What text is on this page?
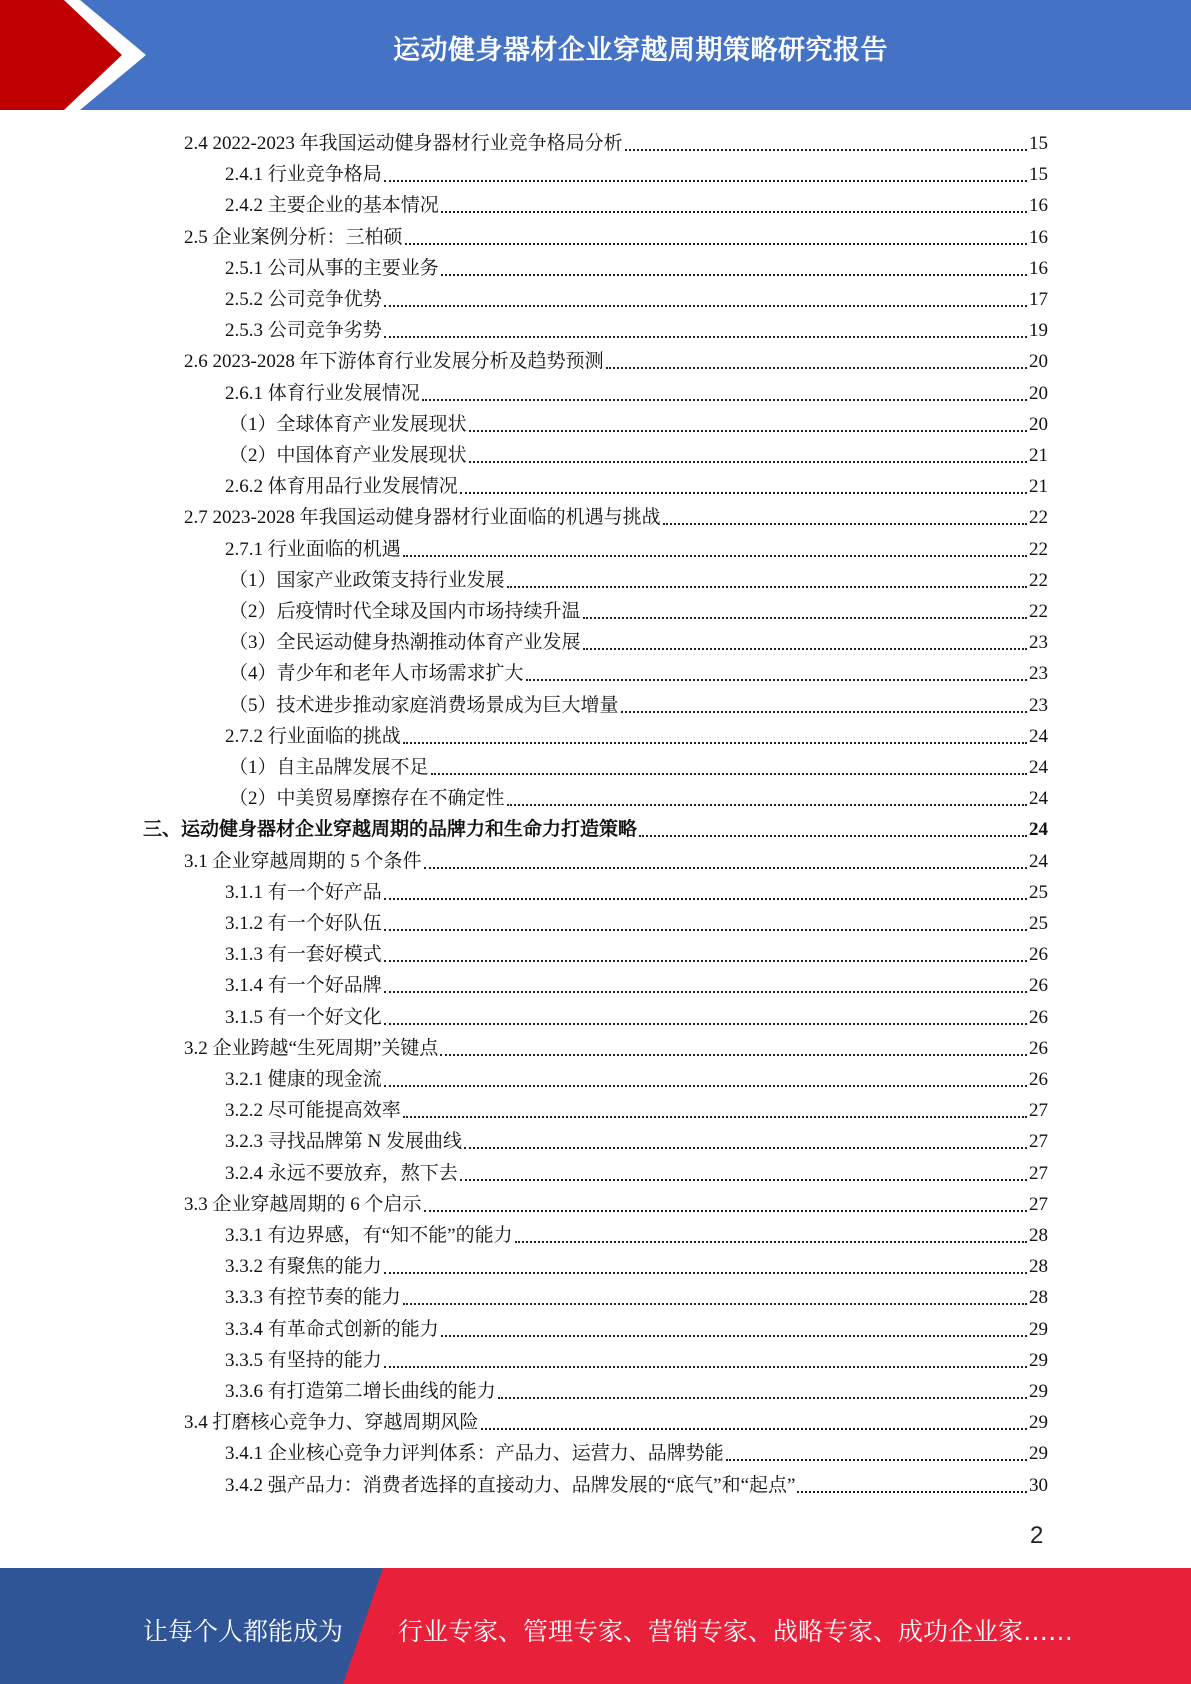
运动健身器材企业穿越周期策略研究报告
2.4 2022-2023 年我国运动健身器材行业竞争格局分析	15
2.4.1 行业竞争格局	15
2.4.2 主要企业的基本情况	16
2.5 企业案例分析：三柏硕	16
2.5.1 公司从事的主要业务	16
2.5.2 公司竞争优势	17
2.5.3 公司竞争劣势	19
2.6 2023-2028 年下游体育行业发展分析及趋势预测	20
2.6.1 体育行业发展情况	20
（1）全球体育产业发展现状	20
（2）中国体育产业发展现状	21
2.6.2 体育用品行业发展情况	21
2.7 2023-2028 年我国运动健身器材行业面临的机遇与挑战	22
2.7.1 行业面临的机遇	22
（1）国家产业政策支持行业发展	22
（2）后疫情时代全球及国内市场持续升温	22
（3）全民运动健身热潮推动体育产业发展	23
（4）青少年和老年人市场需求扩大	23
（5）技术进步推动家庭消费场景成为巨大增量	23
2.7.2 行业面临的挑战	24
（1）自主品牌发展不足	24
（2）中美贸易摩擦存在不确定性	24
三、运动健身器材企业穿越周期的品牌力和生命力打造策略	24
3.1 企业穿越周期的 5 个条件	24
3.1.1 有一个好产品	25
3.1.2 有一个好队伍	25
3.1.3 有一套好模式	26
3.1.4 有一个好品牌	26
3.1.5 有一个好文化	26
3.2 企业跨越“生死周期”关键点	26
3.2.1 健康的现金流	26
3.2.2 尽可能提高效率	27
3.2.3 寻找品牌第 N 发展曲线	27
3.2.4 永远不要放弃，熬下去	27
3.3 企业穿越周期的 6 个启示	27
3.3.1 有边界感，有“知不能”的能力	28
3.3.2 有聚焦的能力	28
3.3.3 有控节奏的能力	28
3.3.4 有革命式创新的能力	29
3.3.5 有坚持的能力	29
3.3.6 有打造第二增长曲线的能力	29
3.4 打磨核心竞争力、穿越周期风险	29
3.4.1 企业核心竞争力评判体系：产品力、运营力、品牌势能	29
3.4.2 强产品力：消费者选择的直接动力、品牌发展的“底气”和“起点”	30
2
让每个人都能成为 行业专家、管理专家、营销专家、战略专家、成功企业家……
